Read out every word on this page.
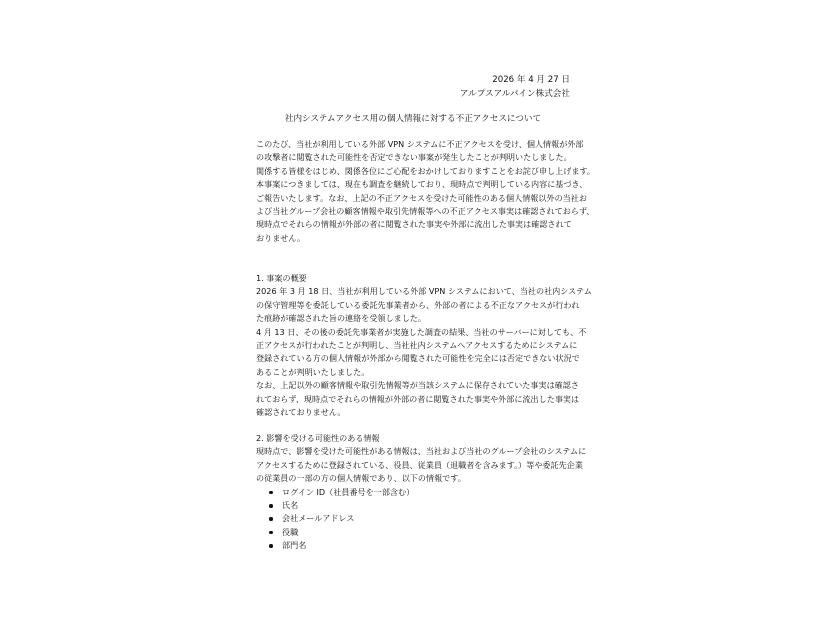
2026 年 4 月 27 日
アルプスアルパイン株式会社
社内システムアクセス用の個人情報に対する不正アクセスについて

このたび、当社が利用している外部 VPN システムに不正アクセスを受け、個人情報が外部

の攻撃者に閲覧された可能性を否定できない事案が発生したことが判明いたしました。

関係する皆様をはじめ、関係各位にご心配をおかけしておりますことをお詫び申し上げます。

本事案につきましては、現在も調査を継続しており、現時点で判明している内容に基づき、

ご報告いたします。なお、上記の不正アクセスを受けた可能性のある個人情報以外の当社お

よび当社グループ会社の顧客情報や取引先情報等への不正アクセス事実は確認されておらず、

現時点でそれらの情報が外部の者に閲覧された事実や外部に流出した事実は確認されて

おりません。

1. 事案の概要

2026 年 3 月 18 日、当社が利用している外部 VPN システムにおいて、当社の社内システム

の保守管理等を委託している委託先事業者から、外部の者による不正なアクセスが行われ

た痕跡が確認された旨の連絡を受領しました。

4 月 13 日、その後の委託先事業者が実施した調査の結果、当社のサーバーに対しても、不

正アクセスが行われたことが判明し、当社社内システムへアクセスするためにシステムに

登録されている方の個人情報が外部から閲覧された可能性を完全には否定できない状況で

あることが判明いたしました。

なお、上記以外の顧客情報や取引先情報等が当該システムに保存されていた事実は確認さ

れておらず、現時点でそれらの情報が外部の者に閲覧された事実や外部に流出した事実は

確認されておりません。

2. 影響を受ける可能性のある情報

現時点で、影響を受けた可能性がある情報は、当社および当社のグループ会社のシステムに

アクセスするために登録されている、役員、従業員（退職者を含みます。）等や委託先企業

の従業員の一部の方の個人情報であり、以下の情報です。

ログイン ID（社員番号を一部含む）
氏名
会社メールアドレス
役職
部門名
